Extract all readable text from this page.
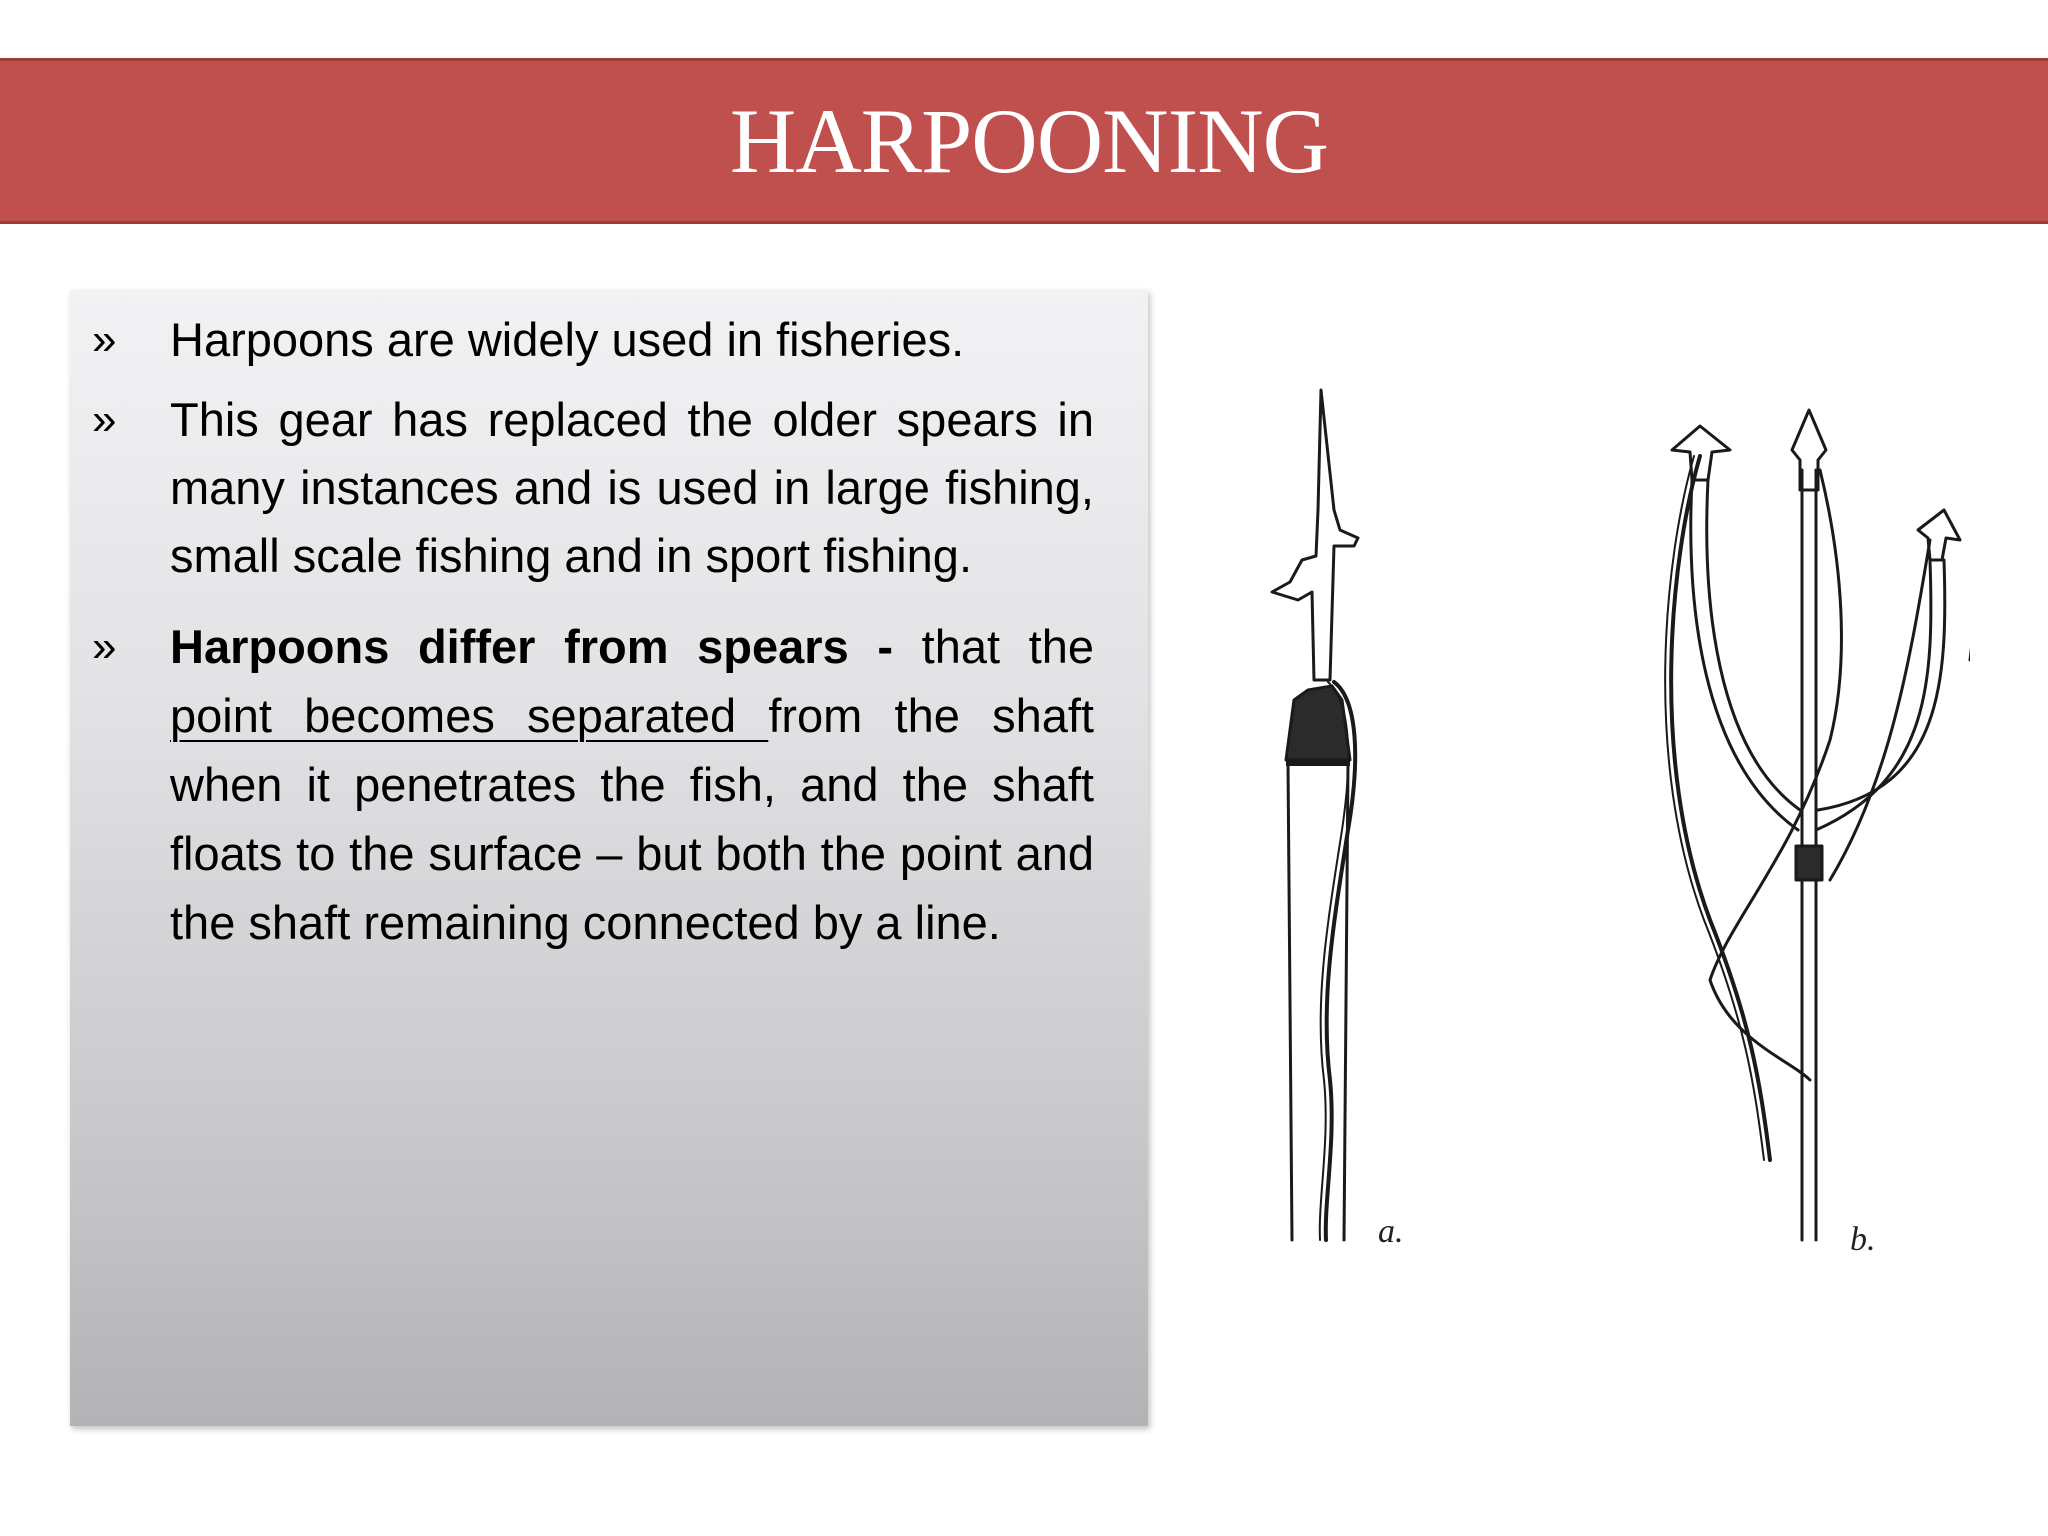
HARPOONING
» Harpoons are widely used in fisheries.
» This gear has replaced the older spears in many instances and is used in large fishing, small scale fishing and in sport fishing.
» Harpoons differ from spears - that the point becomes separated from the shaft when it penetrates the fish, and the shaft floats to the surface – but both the point and the shaft remaining connected by a line.
a.	b.
